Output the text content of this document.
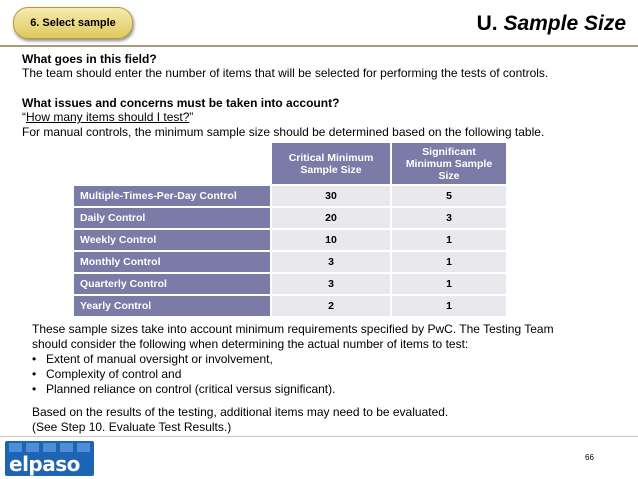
6. Select sample	U. Sample Size
What goes in this field?
The team should enter the number of items that will be selected for performing the tests of controls.
What issues and concerns must be taken into account?
“How many items should I test?”
For manual controls, the minimum sample size should be determined based on the following table.
	Critical Minimum Sample Size	Significant Minimum Sample Size
Multiple-Times-Per-Day Control	30	5
Daily Control	20	3
Weekly Control	10	1
Monthly Control	3	1
Quarterly Control	3	1
Yearly Control	2	1
These sample sizes take into account minimum requirements specified by PwC. The Testing Team
should consider the following when determining the actual number of items to test:
• Extent of manual oversight or involvement,
• Complexity of control and
• Planned reliance on control (critical versus significant).
Based on the results of the testing, additional items may need to be evaluated.
(See Step 10. Evaluate Test Results.)
elpaso	66
